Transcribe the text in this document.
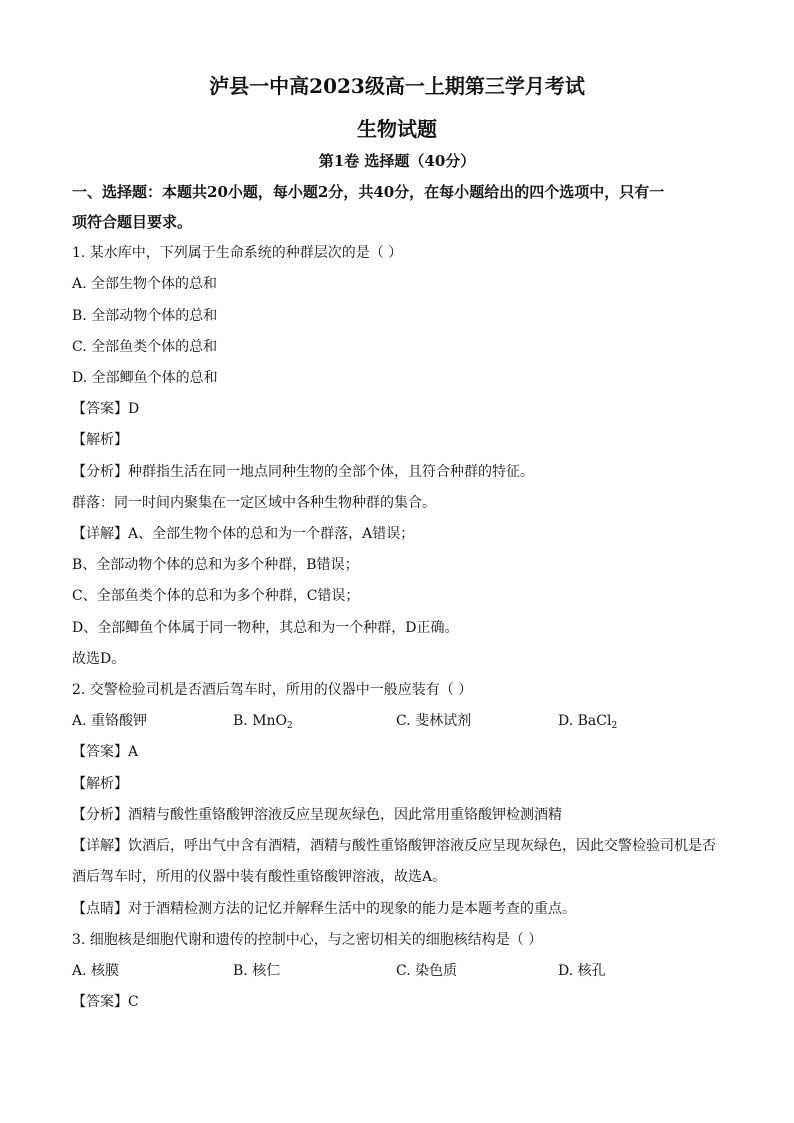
泸县一中高2023级高一上期第三学月考试
生物试题
第1卷 选择题（40分）
一、选择题：本题共20小题，每小题2分，共40分，在每小题给出的四个选项中，只有一
项符合题目要求。
1. 某水库中，下列属于生命系统的种群层次的是（ ）
A. 全部生物个体的总和
B. 全部动物个体的总和
C. 全部鱼类个体的总和
D. 全部鲫鱼个体的总和
【答案】D
【解析】
【分析】种群指生活在同一地点同种生物的全部个体，且符合种群的特征。
群落：同一时间内聚集在一定区域中各种生物种群的集合。
【详解】A、全部生物个体的总和为一个群落，A错误；
B、全部动物个体的总和为多个种群，B错误；
C、全部鱼类个体的总和为多个种群，C错误；
D、全部鲫鱼个体属于同一物种，其总和为一个种群，D正确。
故选D。
2. 交警检验司机是否酒后驾车时，所用的仪器中一般应装有（ ）
A. 重铬酸钾	B. MnO$_2$	C. 斐林试剂	D. BaCl$_2$
【答案】A
【解析】
【分析】酒精与酸性重铬酸钾溶液反应呈现灰绿色，因此常用重铬酸钾检测酒精
【详解】饮酒后，呼出气中含有酒精，酒精与酸性重铬酸钾溶液反应呈现灰绿色，因此交警检验司机是否
酒后驾车时，所用的仪器中装有酸性重铬酸钾溶液，故选A。
【点睛】对于酒精检测方法的记忆并解释生活中的现象的能力是本题考查的重点。
3. 细胞核是细胞代谢和遗传的控制中心，与之密切相关的细胞核结构是（ ）
A. 核膜	B. 核仁	C. 染色质	D. 核孔
【答案】C
